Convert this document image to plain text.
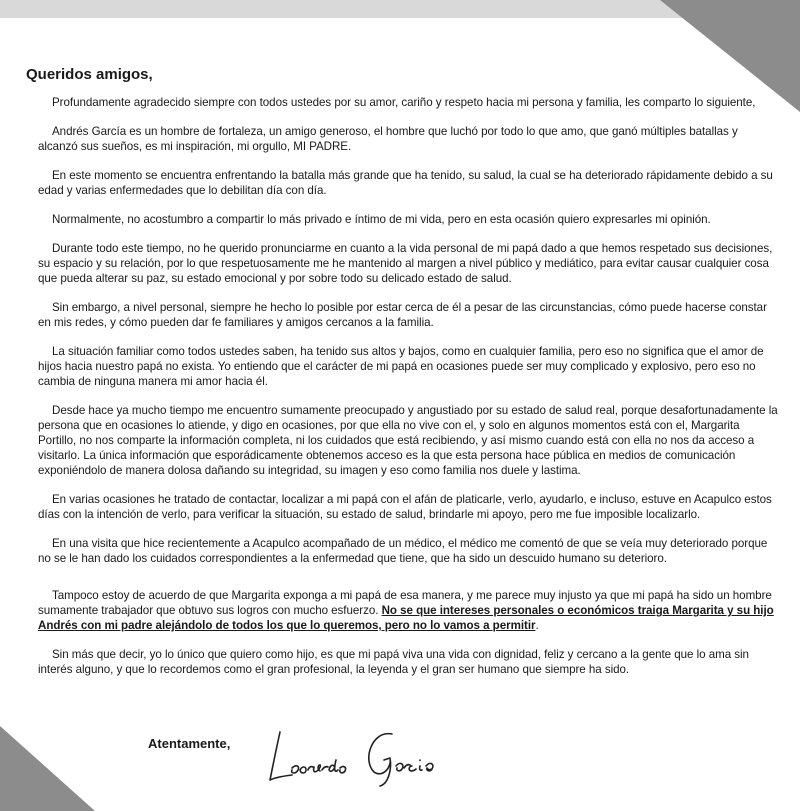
Queridos amigos,

Profundamente agradecido siempre con todos ustedes por su amor, cariño y respeto hacia mi persona y familia, les comparto lo siguiente,

Andrés García es un hombre de fortaleza, un amigo generoso, el hombre que luchó por todo lo que amo, que ganó múltiples batallas y alcanzó sus sueños, es mi inspiración, mi orgullo, MI PADRE.

En este momento se encuentra enfrentando la batalla más grande que ha tenido, su salud, la cual se ha deteriorado rápidamente debido a su edad y varias enfermedades que lo debilitan día con día.

Normalmente, no acostumbro a compartir lo más privado e íntimo de mi vida, pero en esta ocasión quiero expresarles mi opinión.

Durante todo este tiempo, no he querido pronunciarme en cuanto a la vida personal de mi papá dado a que hemos respetado sus decisiones, su espacio y su relación, por lo que respetuosamente me he mantenido al margen a nivel público y mediático, para evitar causar cualquier cosa que pueda alterar su paz, su estado emocional y por sobre todo su delicado estado de salud.

Sin embargo, a nivel personal, siempre he hecho lo posible por estar cerca de él a pesar de las circunstancias, cómo puede hacerse constar en mis redes, y cómo pueden dar fe familiares y amigos cercanos a la familia.

La situación familiar como todos ustedes saben, ha tenido sus altos y bajos, como en cualquier familia, pero eso no significa que el amor de hijos hacia nuestro papá no exista. Yo entiendo que el carácter de mi papá en ocasiones puede ser muy complicado y explosivo, pero eso no cambia de ninguna manera mi amor hacia él.

Desde hace ya mucho tiempo me encuentro sumamente preocupado y angustiado por su estado de salud real, porque desafortunadamente la persona que en ocasiones lo atiende, y digo en ocasiones, por que ella no vive con el, y solo en algunos momentos está con el, Margarita Portillo, no nos comparte la información completa, ni los cuidados que está recibiendo, y así mismo cuando está con ella no nos da acceso a visitarlo. La única información que esporádicamente obtenemos acceso es la que esta persona hace pública en medios de comunicación exponiéndolo de manera dolosa dañando su integridad, su imagen y eso como familia nos duele y lastima.

En varias ocasiones he tratado de contactar, localizar a mi papá con el afán de platicarle, verlo, ayudarlo, e incluso, estuve en Acapulco estos días con la intención de verlo, para verificar la situación, su estado de salud, brindarle mi apoyo, pero me fue imposible localizarlo.

En una visita que hice recientemente a Acapulco acompañado de un médico, el médico me comentó de que se veía muy deteriorado porque no se le han dado los cuidados correspondientes a la enfermedad que tiene, que ha sido un descuido humano su deterioro.

Tampoco estoy de acuerdo de que Margarita exponga a mi papá de esa manera, y me parece muy injusto ya que mi papá ha sido un hombre sumamente trabajador que obtuvo sus logros con mucho esfuerzo. No se que intereses personales o económicos traiga Margarita y su hijo Andrés con mi padre alejándolo de todos los que lo queremos, pero no lo vamos a permitir.

Sin más que decir, yo lo único que quiero como hijo, es que mi papá viva una vida con dignidad, feliz y cercano a la gente que lo ama sin interés alguno, y que lo recordemos como el gran profesional, la leyenda y el gran ser humano que siempre ha sido.

Atentamente,
